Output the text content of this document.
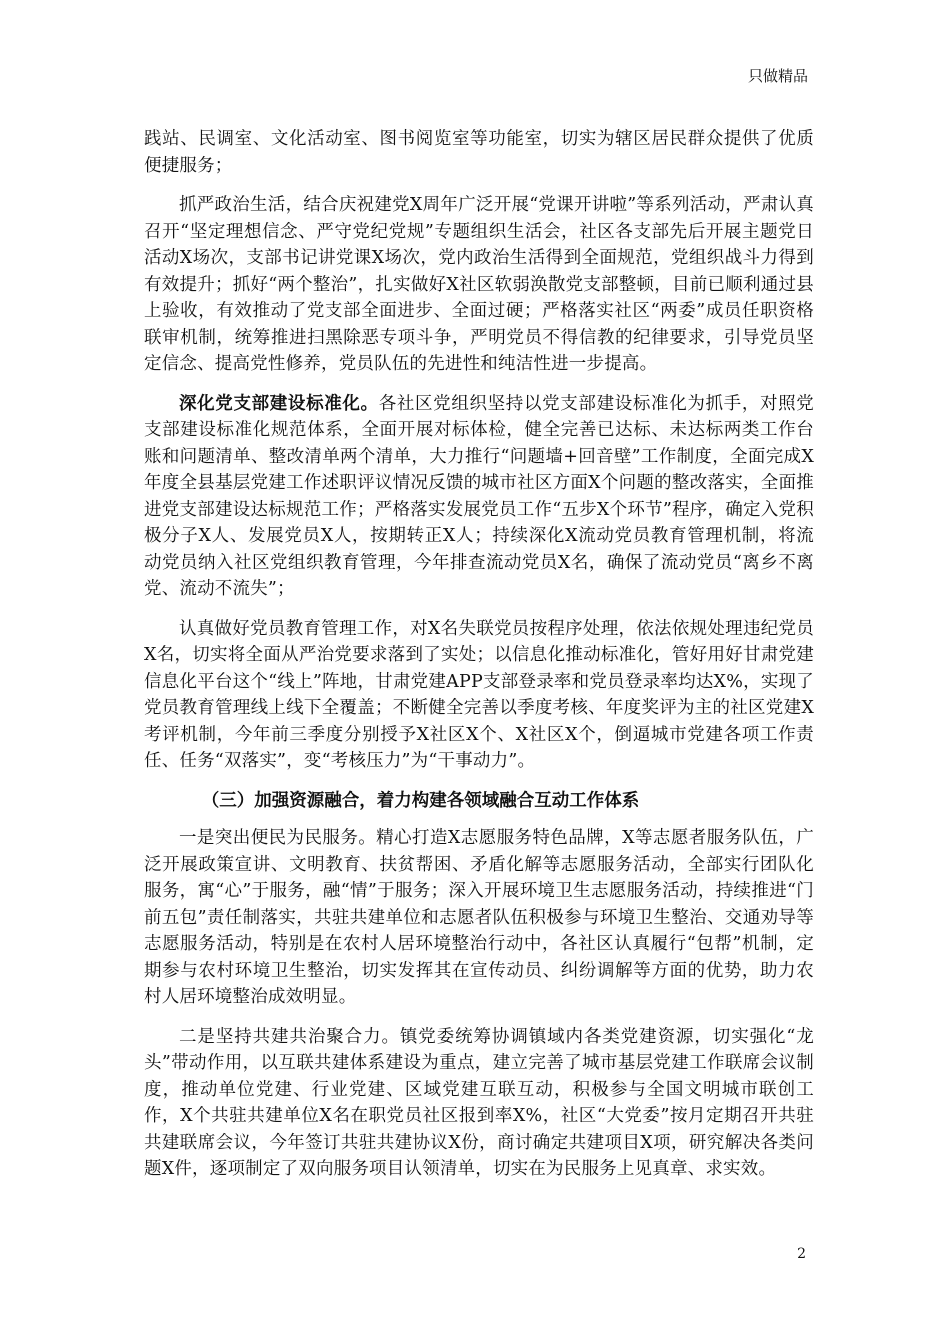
只做精品

践站、民调室、文化活动室、图书阅览室等功能室，切实为辖区居民群众提供了优质便捷服务；

抓严政治生活，结合庆祝建党X周年广泛开展“党课开讲啦”等系列活动，严肃认真召开“坚定理想信念、严守党纪党规”专题组织生活会，社区各支部先后开展主题党日活动X场次，支部书记讲党课X场次，党内政治生活得到全面规范，党组织战斗力得到有效提升；抓好“两个整治”，扎实做好X社区软弱涣散党支部整顿，目前已顺利通过县上验收，有效推动了党支部全面进步、全面过硬；严格落实社区“两委”成员任职资格联审机制，统筹推进扫黑除恶专项斗争，严明党员不得信教的纪律要求，引导党员坚定信念、提高党性修养，党员队伍的先进性和纯洁性进一步提高。

深化党支部建设标准化。各社区党组织坚持以党支部建设标准化为抓手，对照党支部建设标准化规范体系，全面开展对标体检，健全完善已达标、未达标两类工作台账和问题清单、整改清单两个清单，大力推行“问题墙+回音壁”工作制度，全面完成X年度全县基层党建工作述职评议情况反馈的城市社区方面X个问题的整改落实，全面推进党支部建设达标规范工作；严格落实发展党员工作“五步X个环节”程序，确定入党积极分子X人、发展党员X人，按期转正X人；持续深化X流动党员教育管理机制，将流动党员纳入社区党组织教育管理，今年排查流动党员X名，确保了流动党员“离乡不离党、流动不流失”；

认真做好党员教育管理工作，对X名失联党员按程序处理，依法依规处理违纪党员X名，切实将全面从严治党要求落到了实处；以信息化推动标准化，管好用好甘肃党建信息化平台这个“线上”阵地，甘肃党建APP支部登录率和党员登录率均达X%，实现了党员教育管理线上线下全覆盖；不断健全完善以季度考核、年度奖评为主的社区党建X考评机制，今年前三季度分别授予X社区X个、X社区X个，倒逼城市党建各项工作责任、任务“双落实”，变“考核压力”为“干事动力”。

（三）加强资源融合，着力构建各领域融合互动工作体系

一是突出便民为民服务。精心打造X志愿服务特色品牌，X等志愿者服务队伍，广泛开展政策宣讲、文明教育、扶贫帮困、矛盾化解等志愿服务活动，全部实行团队化服务，寓“心”于服务，融“情”于服务；深入开展环境卫生志愿服务活动，持续推进“门前五包”责任制落实，共驻共建单位和志愿者队伍积极参与环境卫生整治、交通劝导等志愿服务活动，特别是在农村人居环境整治行动中，各社区认真履行“包帮”机制，定期参与农村环境卫生整治，切实发挥其在宣传动员、纠纷调解等方面的优势，助力农村人居环境整治成效明显。

二是坚持共建共治聚合力。镇党委统筹协调镇域内各类党建资源，切实强化“龙头”带动作用，以互联共建体系建设为重点，建立完善了城市基层党建工作联席会议制度，推动单位党建、行业党建、区域党建互联互动，积极参与全国文明城市联创工作，X个共驻共建单位X名在职党员社区报到率X%，社区“大党委”按月定期召开共驻共建联席会议，今年签订共驻共建协议X份，商讨确定共建项目X项，研究解决各类问题X件，逐项制定了双向服务项目认领清单，切实在为民服务上见真章、求实效。

2
